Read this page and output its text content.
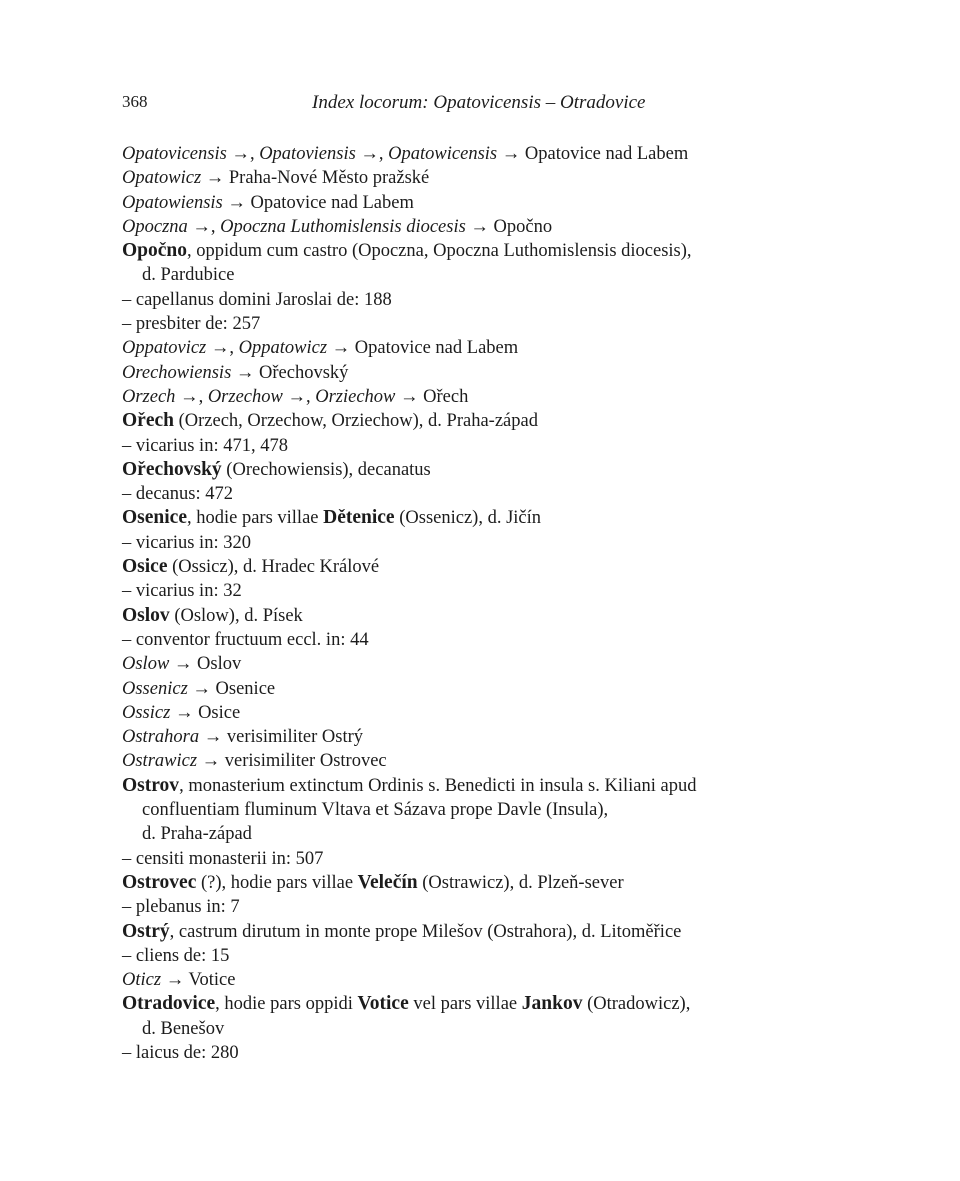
368	Index locorum: Opatovicensis – Otradovice
Opatovicensis →, Opatoviensis →, Opatowicensis → Opatovice nad Labem
Opatowicz → Praha-Nové Město pražské
Opatowiensis → Opatovice nad Labem
Opoczna →, Opoczna Luthomislensis diocesis → Opočno
Opočno, oppidum cum castro (Opoczna, Opoczna Luthomislensis diocesis),
d. Pardubice
– capellanus domini Jaroslai de: 188
– presbiter de: 257
Oppatovicz →, Oppatowicz → Opatovice nad Labem
Orechowiensis → Ořechovský
Orzech →, Orzechow →, Orziechow → Ořech
Ořech (Orzech, Orzechow, Orziechow), d. Praha-západ
– vicarius in: 471, 478
Ořechovský (Orechowiensis), decanatus
– decanus: 472
Osenice, hodie pars villae Dětenice (Ossenicz), d. Jičín
– vicarius in: 320
Osice (Ossicz), d. Hradec Králové
– vicarius in: 32
Oslov (Oslow), d. Písek
– conventor fructuum eccl. in: 44
Oslow → Oslov
Ossenicz → Osenice
Ossicz → Osice
Ostrahora → verisimiliter Ostrý
Ostrawicz → verisimiliter Ostrovec
Ostrov, monasterium extinctum Ordinis s. Benedicti in insula s. Kiliani apud
confluentiam fluminum Vltava et Sázava prope Davle (Insula),
d. Praha-západ
– censiti monasterii in: 507
Ostrovec (?), hodie pars villae Velečín (Ostrawicz), d. Plzeň-sever
– plebanus in: 7
Ostrý, castrum dirutum in monte prope Milešov (Ostrahora), d. Litoměřice
– cliens de: 15
Oticz → Votice
Otradovice, hodie pars oppidi Votice vel pars villae Jankov (Otradowicz),
d. Benešov
– laicus de: 280
